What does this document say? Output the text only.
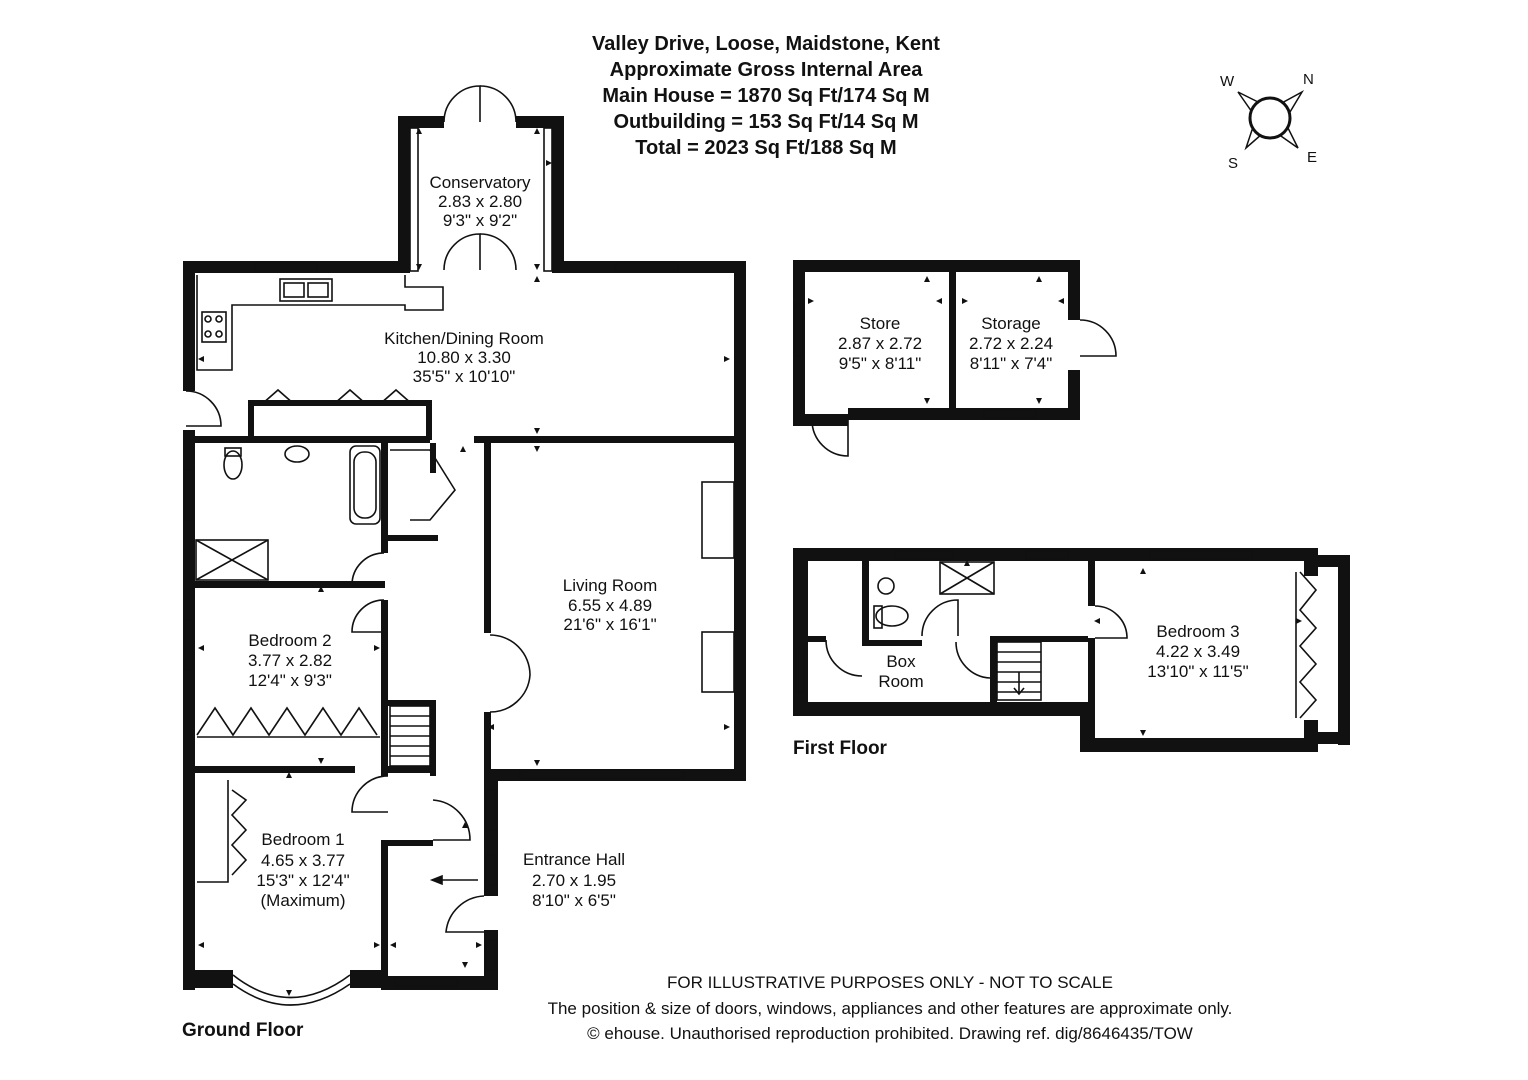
Valley Drive, Loose, Maidstone, Kent
Approximate Gross Internal Area
Main House = 1870 Sq Ft/174 Sq M
Outbuilding = 153 Sq Ft/14 Sq M
Total = 2023 Sq Ft/188 Sq M
W	N
S	E
Conservatory
2.83 x 2.80
9'3" x 9'2"
Kitchen/Dining Room
10.80 x 3.30
35'5" x 10'10"
Living Room
6.55 x 4.89
21'6" x 16'1"
Bedroom 2
3.77 x 2.82
12'4" x 9'3"
Bedroom 1
4.65 x 3.77
15'3" x 12'4"
(Maximum)
Entrance Hall
2.70 x 1.95
8'10" x 6'5"
Store
2.87 x 2.72
9'5" x 8'11"
Storage
2.72 x 2.24
8'11" x 7'4"
Bedroom 3
4.22 x 3.49
13'10" x 11'5"
Box
Room
Ground Floor
First Floor
FOR ILLUSTRATIVE PURPOSES ONLY - NOT TO SCALE
The position & size of doors, windows, appliances and other features are approximate only.
© ehouse. Unauthorised reproduction prohibited. Drawing ref. dig/8646435/TOW
